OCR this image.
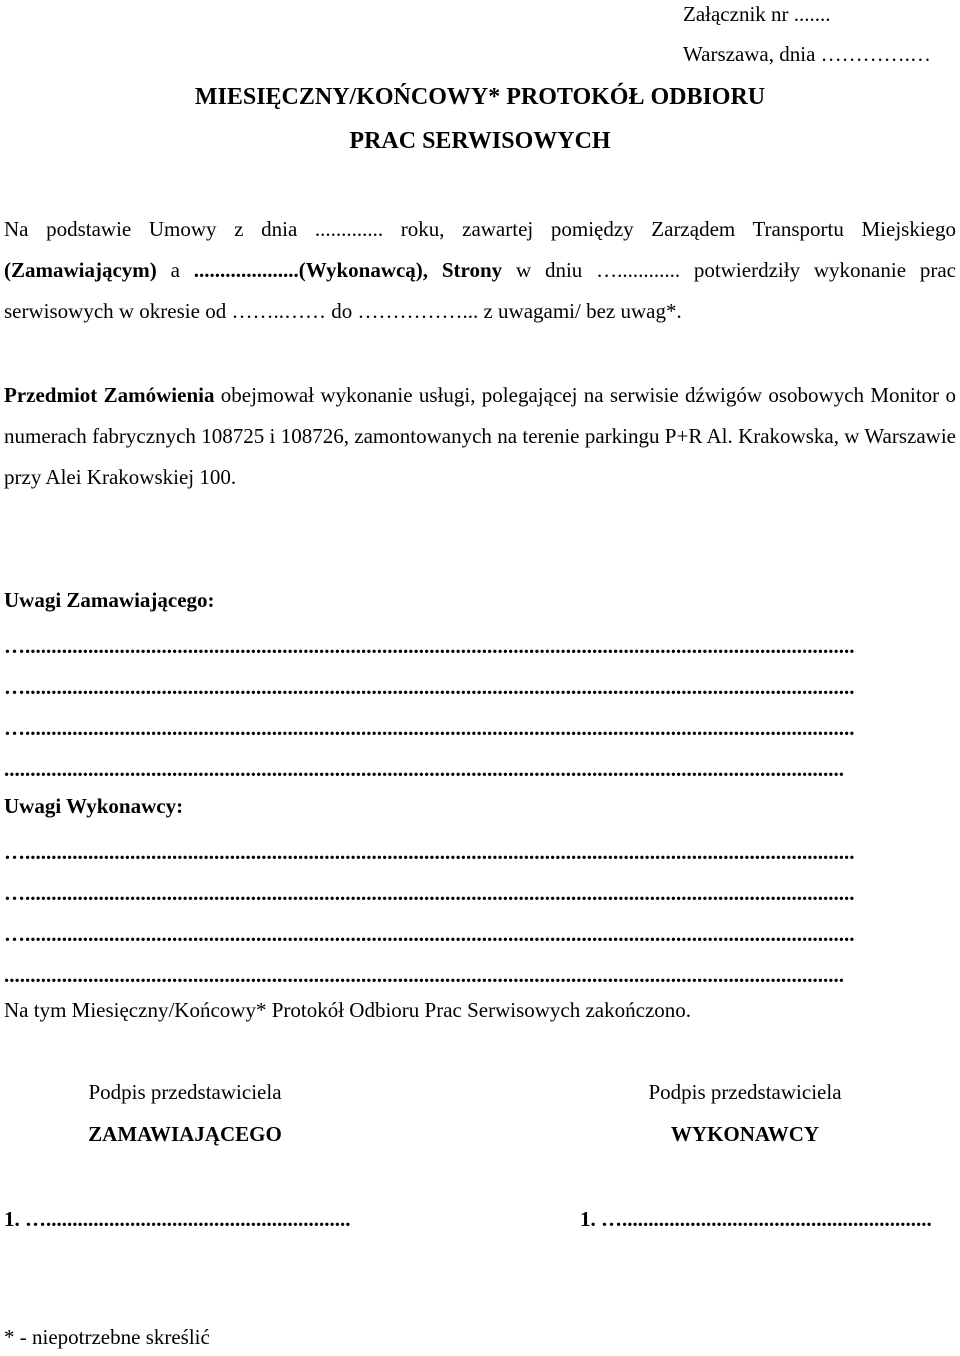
Załącznik nr .......
Warszawa, dnia ………….…
MIESIĘCZNY/KOŃCOWY* PROTOKÓŁ ODBIORU
PRAC SERWISOWYCH
Na podstawie Umowy z dnia ............. roku, zawartej pomiędzy Zarządem Transportu Miejskiego (Zamawiającym) a ....................(Wykonawcą), Strony w dniu …............ potwierdziły wykonanie prac serwisowych w okresie od ……..…… do ……………... z uwagami/ bez uwag*.
Przedmiot Zamówienia obejmował wykonanie usługi, polegającej na serwisie dźwigów osobowych Monitor o numerach fabrycznych 108725 i 108726, zamontowanych na terenie parkingu P+R Al. Krakowska, w Warszawie przy Alei Krakowskiej 100.
Uwagi Zamawiającego:
…..............................................................................................................................................................
…..............................................................................................................................................................
…..............................................................................................................................................................
................................................................................................................................................................
Uwagi Wykonawcy:
…..............................................................................................................................................................
…..............................................................................................................................................................
…..............................................................................................................................................................
................................................................................................................................................................
Na tym Miesięczny/Końcowy* Protokół Odbioru Prac Serwisowych zakończono.
Podpis przedstawiciela
ZAMAWIAJĄCEGO
Podpis przedstawiciela
WYKONAWCY
1. …..........................................................	1. …...........................................................
* - niepotrzebne skreślić
